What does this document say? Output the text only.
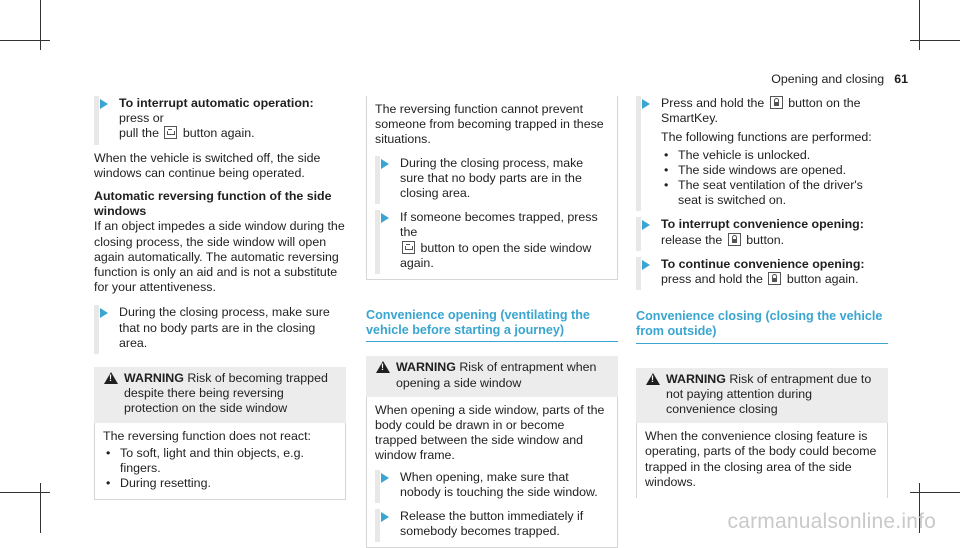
Opening and closing 61
To interrupt automatic operation: press or
pull the button again.

When the vehicle is switched off, the side windows can continue being operated.

Automatic reversing function of the side windows

If an object impedes a side window during the closing process, the side window will open again automatically. The automatic reversing function is only an aid and is not a substitute for your attentiveness.

During the closing process, make sure that no body parts are in the closing area.
!
WARNING Risk of becoming trapped despite there being reversing protection on the side window
The reversing function does not react:
• To soft, light and thin objects, e.g. fingers.
• During resetting.

The reversing function cannot prevent someone from becoming trapped in these situations.

During the closing process, make sure that no body parts are in the closing area.
If someone becomes trapped, press the
button to open the side window again.
Convenience opening (ventilating the vehicle before starting a journey)
!
WARNING Risk of entrapment when opening a side window
When opening a side window, parts of the body could be drawn in or become trapped between the side window and window frame.
When opening, make sure that nobody is touching the side window.
Release the button immediately if somebody becomes trapped.
Press and hold the button on the SmartKey.
The following functions are performed:
• The vehicle is unlocked.
• The side windows are opened.
• The seat ventilation of the driver's seat is switched on.
To interrupt convenience opening: release the button.
To continue convenience opening: press and hold the button again.
Convenience closing (closing the vehicle from outside)
!
WARNING Risk of entrapment due to not paying attention during convenience closing
When the convenience closing feature is operating, parts of the body could become trapped in the closing area of the side windows.
carmanualsonline.info
